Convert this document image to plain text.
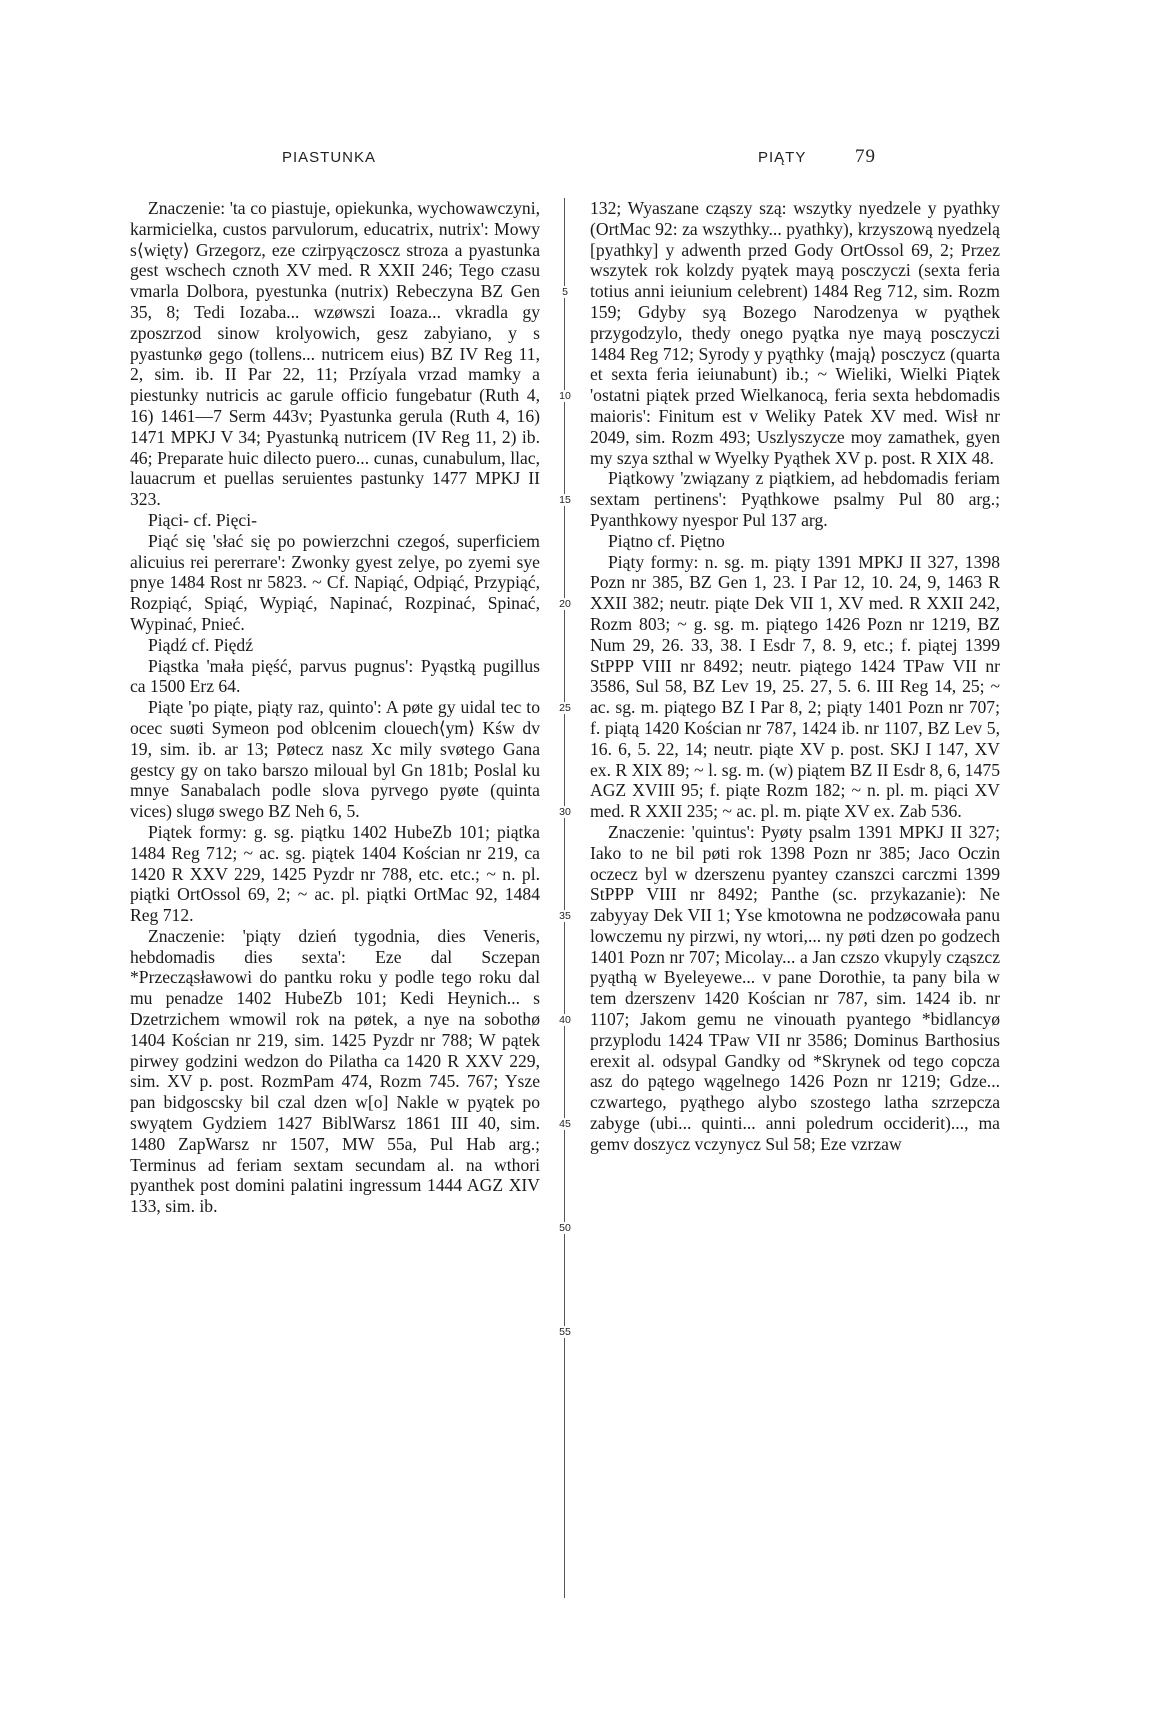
PIASTUNKA	PIĄTY	79

Znaczenie: 'ta co piastuje, opiekunka, wychowawczyni, karmicielka, custos parvulorum, educatrix, nutrix': Mowy s⟨więty⟩ Grzegorz, eze czirpyączoscz stroza a pyastunka gest wschech cznoth XV med. R XXII 246; Tego czasu vmarla Dolbora, pyestunka (nutrix) Rebeczyna BZ Gen 35, 8; Tedi Iozaba... wzøwszi Ioaza... vkradla gy zposzrzod sinow krolyowich, gesz zabyiano, y s pyastunkø gego (tollens... nutricem eius) BZ IV Reg 11, 2, sim. ib. II Par 22, 11; Przíyala vrzad mamky a piestunky nutricis ac garule officio fungebatur (Ruth 4, 16) 1461—7 Serm 443v; Pyastunka gerula (Ruth 4, 16) 1471 MPKJ V 34; Pyastunką nutricem (IV Reg 11, 2) ib. 46; Preparate huic dilecto puero... cunas, cunabulum, llac, lauacrum et puellas seruientes pastunky 1477 MPKJ II 323.

Piąci- cf. Pięci-

Piąć się 'słać się po powierzchni czegoś, superficiem alicuius rei pererrare': Zwonky gyest zelye, po zyemi sye pnye 1484 Rost nr 5823. ~ Cf. Napiąć, Odpiąć, Przypiąć, Rozpiąć, Spiąć, Wypiąć, Napinać, Rozpinać, Spinać, Wypinać, Pnieć.

Piądź cf. Piędź

Piąstka 'mała pięść, parvus pugnus': Pyąstką pugillus ca 1500 Erz 64.

Piąte 'po piąte, piąty raz, quinto': A pøte gy uidal tec to ocec suøti Symeon pod oblcenim clouech⟨ym⟩ Kśw dv 19, sim. ib. ar 13; Pøtecz nasz Xc mily svøtego Gana gestcy gy on tako barszo miloual byl Gn 181b; Poslal ku mnye Sanabalach podle slova pyrvego pyøte (quinta vices) slugø swego BZ Neh 6, 5.

Piątek formy: g. sg. piątku 1402 HubeZb 101; piątka 1484 Reg 712; ~ ac. sg. piątek 1404 Kościan nr 219, ca 1420 R XXV 229, 1425 Pyzdr nr 788, etc. etc.; ~ n. pl. piątki OrtOssol 69, 2; ~ ac. pl. piątki OrtMac 92, 1484 Reg 712.

Znaczenie: 'piąty dzień tygodnia, dies Veneris, hebdomadis dies sexta': Eze dal Sczepan *Przecząsławowi do pantku roku y podle tego roku dal mu penadze 1402 HubeZb 101; Kedi Heynich... s Dzetrzichem wmowil rok na pøtek, a nye na sobothø 1404 Kościan nr 219, sim. 1425 Pyzdr nr 788; W pątek pirwey godzini wedzon do Pilatha ca 1420 R XXV 229, sim. XV p. post. RozmPam 474, Rozm 745. 767; Ysze pan bidgoscsky bil czal dzen w[o] Nakle w pyątek po swyątem Gydziem 1427 BiblWarsz 1861 III 40, sim. 1480 ZapWarsz nr 1507, MW 55a, Pul Hab arg.; Terminus ad feriam sextam secundam al. na wthori pyanthek post domini palatini ingressum 1444 AGZ XIV 133, sim. ib.

5
10
15
20
25
30
35
40
45
50
55

132; Wyaszane cząszy szą: wszytky nyedzele y pyathky (OrtMac 92: za wszythky... pyathky), krzyszową nyedzelą [pyathky] y adwenth przed Gody OrtOssol 69, 2; Przez wszytek rok kolzdy pyątek mayą posczyczi (sexta feria totius anni ieiunium celebrent) 1484 Reg 712, sim. Rozm 159; Gdyby syą Bozego Narodzenya w pyąthek przygodzylo, thedy onego pyątka nye mayą posczyczi 1484 Reg 712; Syrody y pyąthky ⟨mają⟩ posczycz (quarta et sexta feria ieiunabunt) ib.; ~ Wieliki, Wielki Piątek 'ostatni piątek przed Wielkanocą, feria sexta hebdomadis maioris': Finitum est v Weliky Patek XV med. Wisł nr 2049, sim. Rozm 493; Uszlyszycze moy zamathek, gyen my szya szthal w Wyelky Pyąthek XV p. post. R XIX 48.

Piątkowy 'związany z piątkiem, ad hebdomadis feriam sextam pertinens': Pyąthkowe psalmy Pul 80 arg.; Pyanthkowy nyespor Pul 137 arg.

Piątno cf. Piętno

Piąty formy: n. sg. m. piąty 1391 MPKJ II 327, 1398 Pozn nr 385, BZ Gen 1, 23. I Par 12, 10. 24, 9, 1463 R XXII 382; neutr. piąte Dek VII 1, XV med. R XXII 242, Rozm 803; ~ g. sg. m. piątego 1426 Pozn nr 1219, BZ Num 29, 26. 33, 38. I Esdr 7, 8. 9, etc.; f. piątej 1399 StPPP VIII nr 8492; neutr. piątego 1424 TPaw VII nr 3586, Sul 58, BZ Lev 19, 25. 27, 5. 6. III Reg 14, 25; ~ ac. sg. m. piątego BZ I Par 8, 2; piąty 1401 Pozn nr 707; f. piątą 1420 Kościan nr 787, 1424 ib. nr 1107, BZ Lev 5, 16. 6, 5. 22, 14; neutr. piąte XV p. post. SKJ I 147, XV ex. R XIX 89; ~ l. sg. m. (w) piątem BZ II Esdr 8, 6, 1475 AGZ XVIII 95; f. piąte Rozm 182; ~ n. pl. m. piąci XV med. R XXII 235; ~ ac. pl. m. piąte XV ex. Zab 536.

Znaczenie: 'quintus': Pyøty psalm 1391 MPKJ II 327; Iako to ne bil pøti rok 1398 Pozn nr 385; Jaco Oczin oczecz byl w dzerszenu pyantey czanszci carczmi 1399 StPPP VIII nr 8492; Panthe (sc. przykazanie): Ne zabyyay Dek VII 1; Yse kmotowna ne podzøcowała panu lowczemu ny pirzwi, ny wtori,... ny pøti dzen po godzech 1401 Pozn nr 707; Micolay... a Jan czszo vkupyly cząszcz pyąthą w Byeleyewe... v pane Dorothie, ta pany bila w tem dzerszenv 1420 Kościan nr 787, sim. 1424 ib. nr 1107; Jakom gemu ne vinouath pyantego *bidlancyø przyplodu 1424 TPaw VII nr 3586; Dominus Barthosius erexit al. odsypal Gandky od *Skrynek od tego copcza asz do pątego wągelnego 1426 Pozn nr 1219; Gdze... czwartego, pyąthego alybo szostego latha szrzepcza zabyge (ubi... quinti... anni poledrum occiderit)..., ma gemv doszycz vczynycz Sul 58; Eze vzrzaw
